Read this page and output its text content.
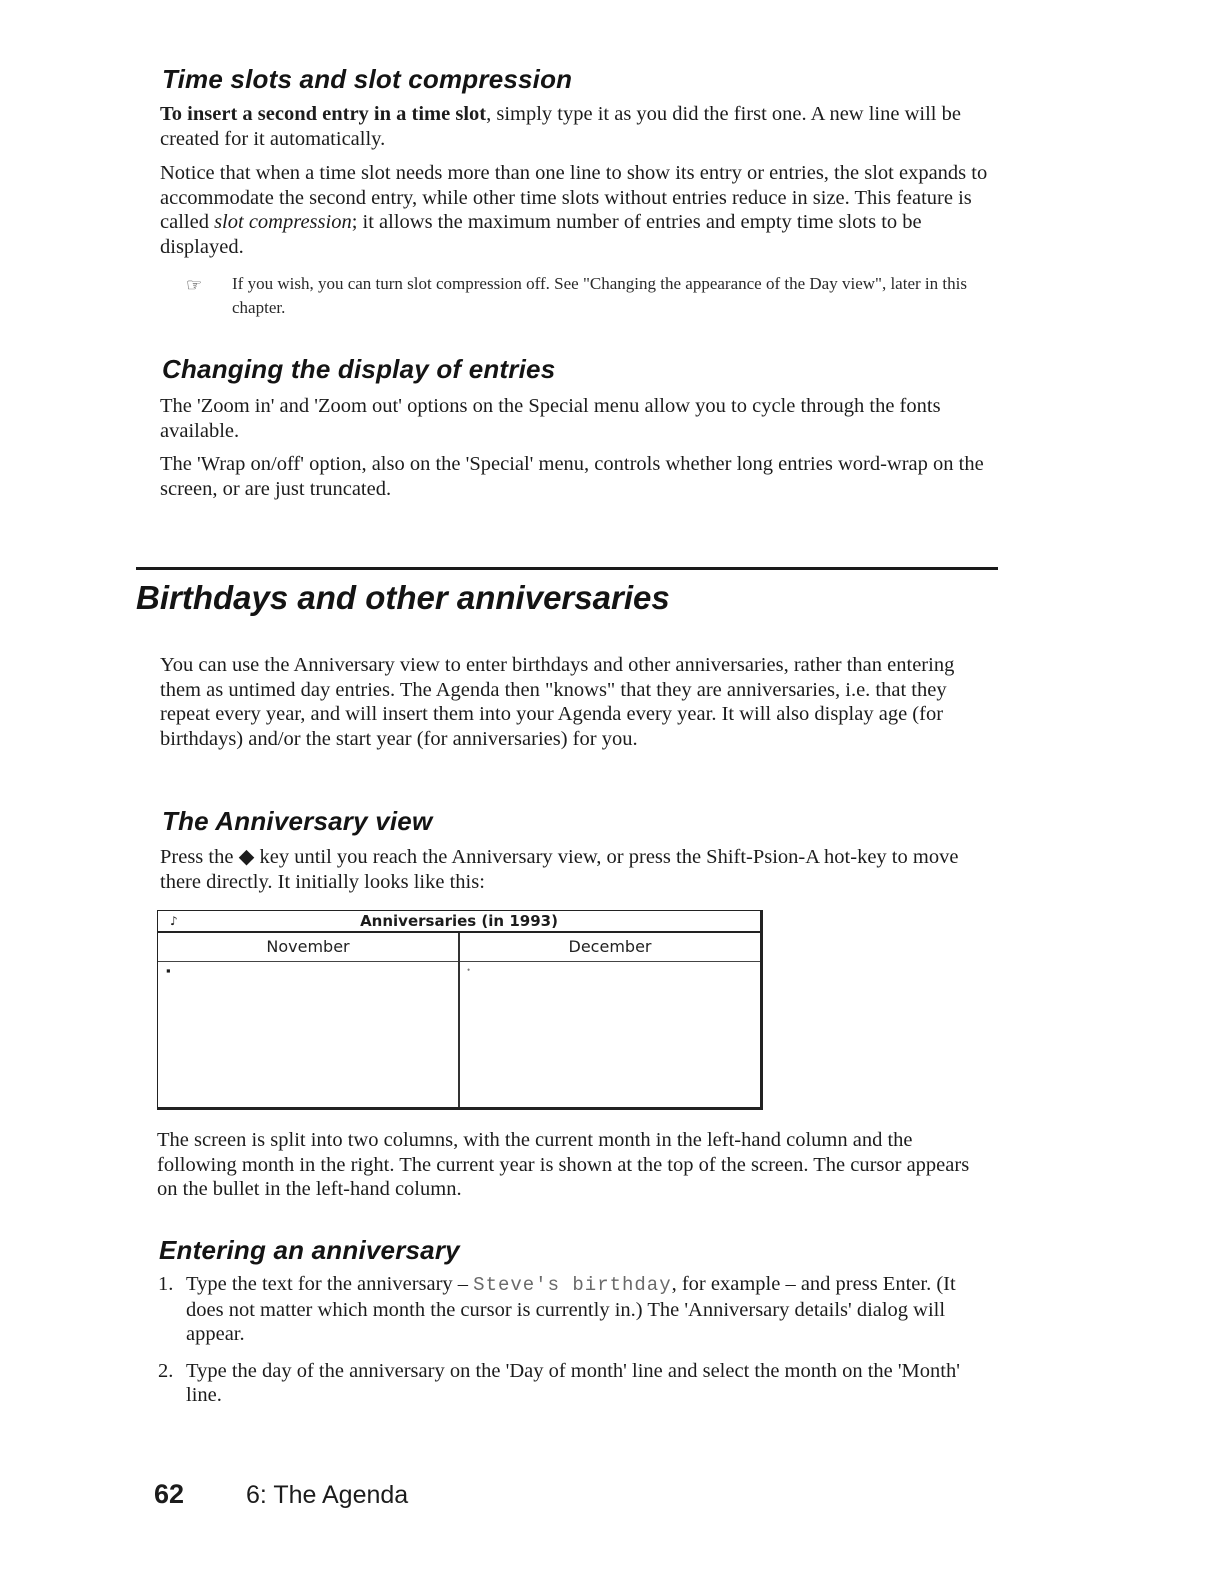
Time slots and slot compression

To insert a second entry in a time slot, simply type it as you did the first one. A new line will be created for it automatically.

Notice that when a time slot needs more than one line to show its entry or entries, the slot expands to accommodate the second entry, while other time slots without entries reduce in size. This feature is called slot compression; it allows the maximum number of entries and empty time slots to be displayed.

☞ If you wish, you can turn slot compression off. See "Changing the appearance of the Day view", later in this chapter.
Changing the display of entries

The 'Zoom in' and 'Zoom out' options on the Special menu allow you to cycle through the fonts available.

The 'Wrap on/off' option, also on the 'Special' menu, controls whether long entries word-wrap on the screen, or are just truncated.

Birthdays and other anniversaries

You can use the Anniversary view to enter birthdays and other anniversaries, rather than entering them as untimed day entries. The Agenda then "knows" that they are anniversaries, i.e. that they repeat every year, and will insert them into your Agenda every year. It will also display age (for birthdays) and/or the start year (for anniversaries) for you.

The Anniversary view

Press the ◆ key until you reach the Anniversary view, or press the Shift-Psion-A hot-key to move there directly. It initially looks like this:

♪	Anniversaries (in 1993)
November
▪
December
•

The screen is split into two columns, with the current month in the left-hand column and the following month in the right. The current year is shown at the top of the screen. The cursor appears on the bullet in the left-hand column.

Entering an anniversary
1. Type the text for the anniversary – Steve's birthday, for example – and press Enter. (It does not matter which month the cursor is currently in.) The 'Anniversary details' dialog will appear.
2. Type the day of the anniversary on the 'Day of month' line and select the month on the 'Month' line.
62 6: The Agenda
